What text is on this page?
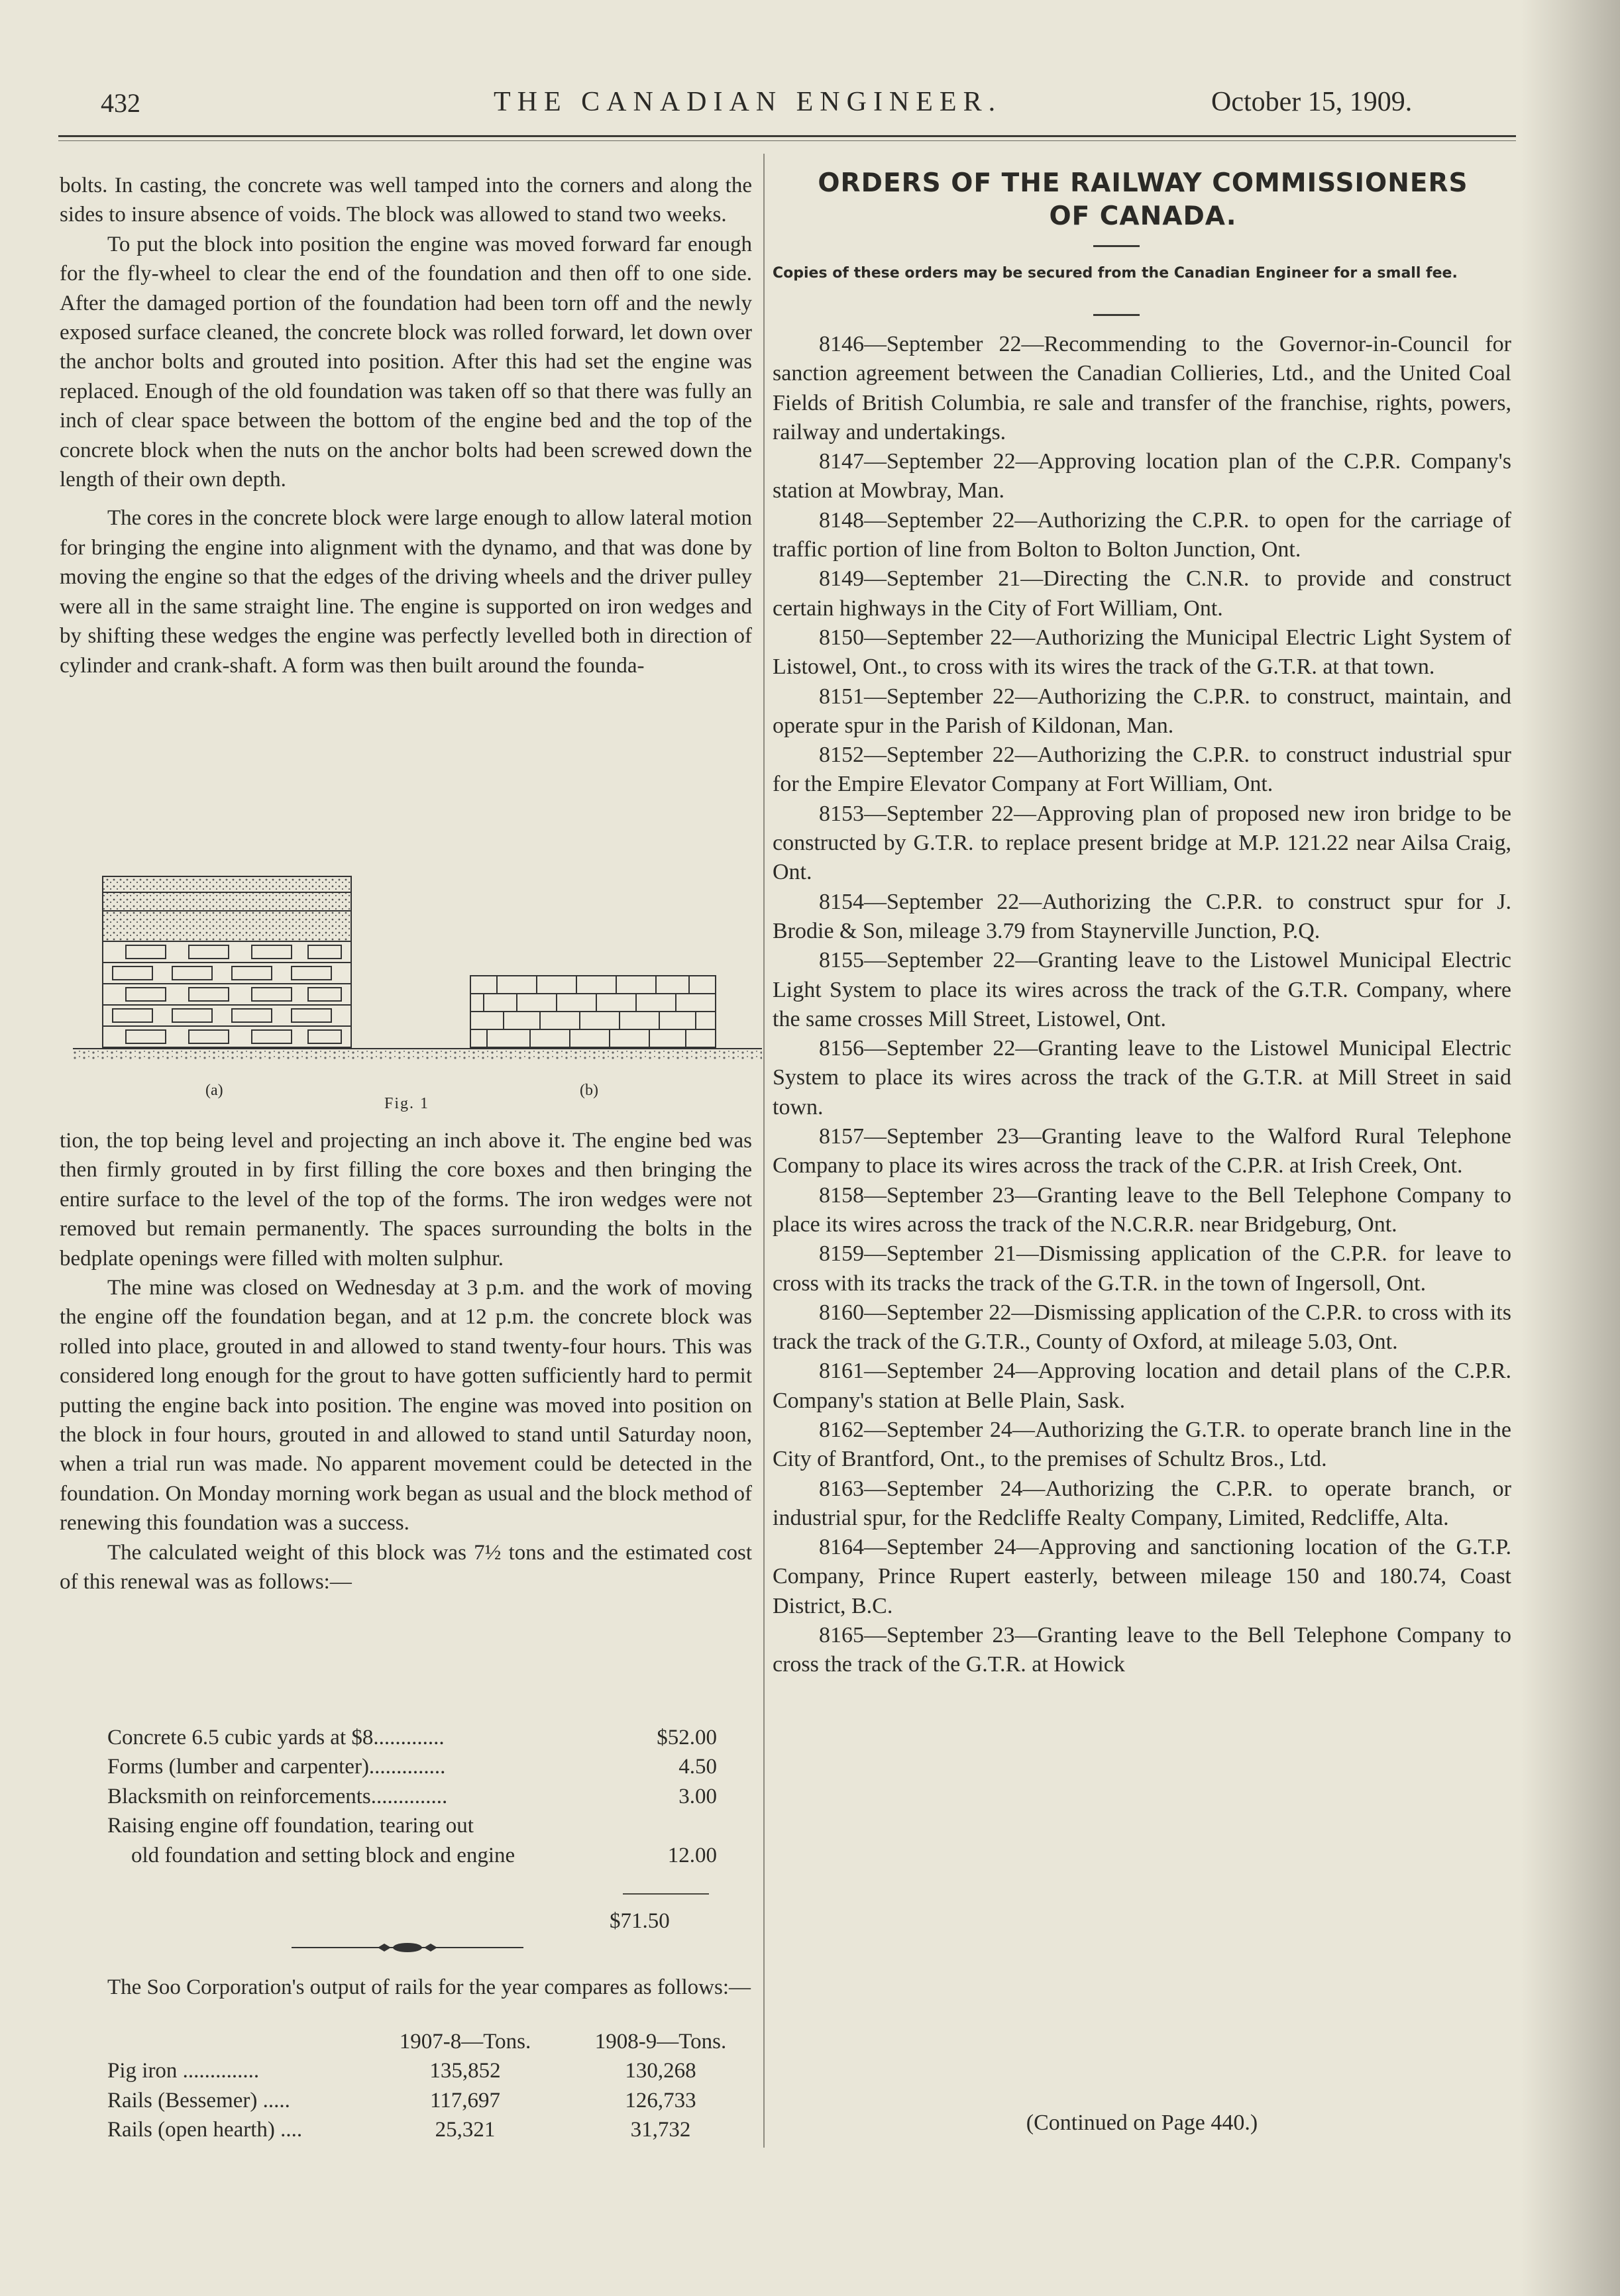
432	THE CANADIAN ENGINEER.	October 15, 1909.

bolts. In casting, the concrete was well tamped into the corners and along the sides to insure absence of voids. The block was allowed to stand two weeks.

To put the block into position the engine was moved forward far enough for the fly-wheel to clear the end of the foundation and then off to one side. After the damaged portion of the foundation had been torn off and the newly exposed surface cleaned, the concrete block was rolled forward, let down over the anchor bolts and grouted into position. After this had set the engine was replaced. Enough of the old foundation was taken off so that there was fully an inch of clear space between the bottom of the engine bed and the top of the concrete block when the nuts on the anchor bolts had been screwed down the length of their own depth.

The cores in the concrete block were large enough to allow lateral motion for bringing the engine into alignment with the dynamo, and that was done by moving the engine so that the edges of the driving wheels and the driver pulley were all in the same straight line. The engine is supported on iron wedges and by shifting these wedges the engine was perfectly levelled both in direction of cylinder and crank-shaft. A form was then built around the founda-

(a)
Fig. 1
(b)

tion, the top being level and projecting an inch above it. The engine bed was then firmly grouted in by first filling the core boxes and then bringing the entire surface to the level of the top of the forms. The iron wedges were not removed but remain permanently. The spaces surrounding the bolts in the bedplate openings were filled with molten sulphur.

The mine was closed on Wednesday at 3 p.m. and the work of moving the engine off the foundation began, and at 12 p.m. the concrete block was rolled into place, grouted in and allowed to stand twenty-four hours. This was considered long enough for the grout to have gotten sufficiently hard to permit putting the engine back into position. The engine was moved into position on the block in four hours, grouted in and allowed to stand until Saturday noon, when a trial run was made. No apparent movement could be detected in the foundation. On Monday morning work began as usual and the block method of renewing this foundation was a success.

The calculated weight of this block was 7½ tons and the estimated cost of this renewal was as follows:—

Concrete 6.5 cubic yards at $8.............	$52.00
Forms (lumber and carpenter)..............	4.50
Blacksmith on reinforcements..............	3.00
Raising engine off foundation, tearing out
old foundation and setting block and engine	12.00
$71.50

The Soo Corporation's output of rails for the year compares as follows:—

1907-8—Tons.	1908-9—Tons.
Pig iron ..............	135,852	130,268
Rails (Bessemer) .....	117,697	126,733
Rails (open hearth) ....	25,321	31,732
ORDERS OF THE RAILWAY COMMISSIONERS
OF CANADA.
Copies of these orders may be secured from the Canadian Engineer for a small fee.

8146—September 22—Recommending to the Governor-in-Council for sanction agreement between the Canadian Collieries, Ltd., and the United Coal Fields of British Columbia, re sale and transfer of the franchise, rights, powers, railway and undertakings.

8147—September 22—Approving location plan of the C.P.R. Company's station at Mowbray, Man.

8148—September 22—Authorizing the C.P.R. to open for the carriage of traffic portion of line from Bolton to Bolton Junction, Ont.

8149—September 21—Directing the C.N.R. to provide and construct certain highways in the City of Fort William, Ont.

8150—September 22—Authorizing the Municipal Electric Light System of Listowel, Ont., to cross with its wires the track of the G.T.R. at that town.

8151—September 22—Authorizing the C.P.R. to construct, maintain, and operate spur in the Parish of Kildonan, Man.

8152—September 22—Authorizing the C.P.R. to construct industrial spur for the Empire Elevator Company at Fort William, Ont.

8153—September 22—Approving plan of proposed new iron bridge to be constructed by G.T.R. to replace present bridge at M.P. 121.22 near Ailsa Craig, Ont.

8154—September 22—Authorizing the C.P.R. to construct spur for J. Brodie & Son, mileage 3.79 from Staynerville Junction, P.Q.

8155—September 22—Granting leave to the Listowel Municipal Electric Light System to place its wires across the track of the G.T.R. Company, where the same crosses Mill Street, Listowel, Ont.

8156—September 22—Granting leave to the Listowel Municipal Electric System to place its wires across the track of the G.T.R. at Mill Street in said town.

8157—September 23—Granting leave to the Walford Rural Telephone Company to place its wires across the track of the C.P.R. at Irish Creek, Ont.

8158—September 23—Granting leave to the Bell Telephone Company to place its wires across the track of the N.C.R.R. near Bridgeburg, Ont.

8159—September 21—Dismissing application of the C.P.R. for leave to cross with its tracks the track of the G.T.R. in the town of Ingersoll, Ont.

8160—September 22—Dismissing application of the C.P.R. to cross with its track the track of the G.T.R., County of Oxford, at mileage 5.03, Ont.

8161—September 24—Approving location and detail plans of the C.P.R. Company's station at Belle Plain, Sask.

8162—September 24—Authorizing the G.T.R. to operate branch line in the City of Brantford, Ont., to the premises of Schultz Bros., Ltd.

8163—September 24—Authorizing the C.P.R. to operate branch, or industrial spur, for the Redcliffe Realty Company, Limited, Redcliffe, Alta.

8164—September 24—Approving and sanctioning location of the G.T.P. Company, Prince Rupert easterly, between mileage 150 and 180.74, Coast District, B.C.

8165—September 23—Granting leave to the Bell Telephone Company to cross the track of the G.T.R. at Howick

(Continued on Page 440.)
